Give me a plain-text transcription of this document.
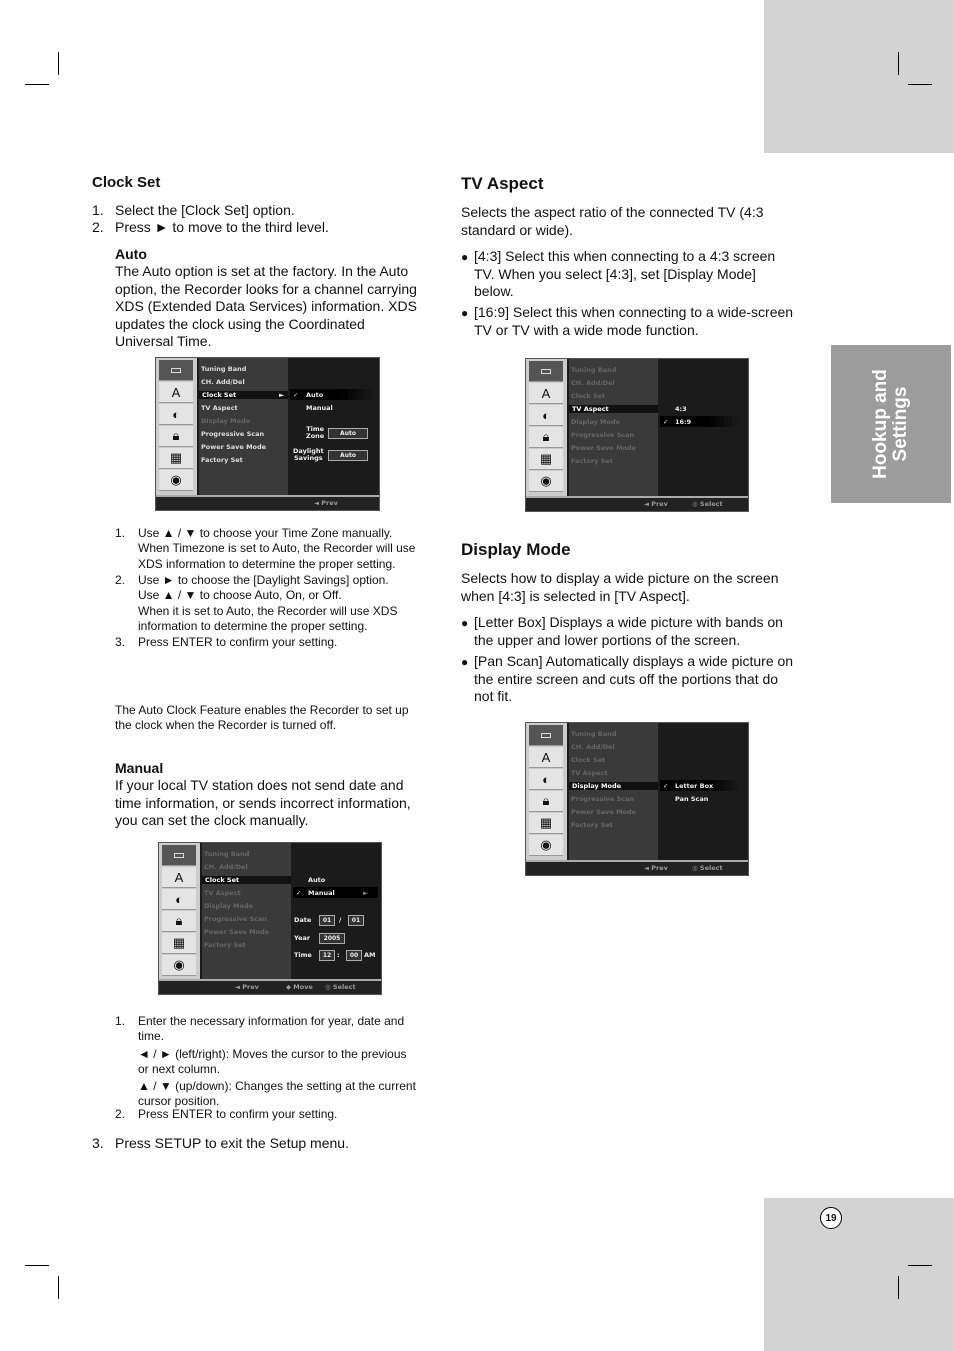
Hookup and
Settings
19
Clock Set
1. Select the [Clock Set] option.
2. Press ► to move to the third level.
Auto
The Auto option is set at the factory. In the Auto
option, the Recorder looks for a channel carrying
XDS (Extended Data Services) information. XDS
updates the clock using the Coordinated
Universal Time.
▭
A
◐
🔒︎
▦
◉
Tuning Band
CH. Add/Del
Clock Set	►
TV Aspect
Display Mode
Progressive Scan
Power Save Mode
Factory Set
✓ Auto
Manual
Time
Zone	Auto
Daylight
Savings	Auto
◄ Prev
1. Use ▲ / ▼ to choose your Time Zone manually.
When Timezone is set to Auto, the Recorder will use
XDS information to determine the proper setting.
2. Use ► to choose the [Daylight Savings] option.
Use ▲ / ▼ to choose Auto, On, or Off.
When it is set to Auto, the Recorder will use XDS
information to determine the proper setting.
3. Press ENTER to confirm your setting.
The Auto Clock Feature enables the Recorder to set up
the clock when the Recorder is turned off.
Manual
If your local TV station does not send date and
time information, or sends incorrect information,
you can set the clock manually.
▭
A
◐
🔒︎
▦
◉
Tuning Band
CH. Add/Del
Clock Set
TV Aspect
Display Mode
Progressive Scan
Power Save Mode
Factory Set
Auto
✓ Manual	►
Date	01	/	01
Year	2005
Time	12 :	00 AM
◄ Prev	◆ Move ◎ Select
1. Enter the necessary information for year, date and
time.
◄ / ► (left/right): Moves the cursor to the previous
or next column.
▲ / ▼ (up/down): Changes the setting at the current
cursor position.
2. Press ENTER to confirm your setting.
3. Press SETUP to exit the Setup menu.
TV Aspect
Selects the aspect ratio of the connected TV (4:3
standard or wide).
● [4:3] Select this when connecting to a 4:3 screen
TV. When you select [4:3], set [Display Mode]
below.
● [16:9] Select this when connecting to a wide-screen
TV or TV with a wide mode function.
▭
A
◐
🔒︎
▦
◉
Tuning Band
CH. Add/Del
Clock Set
TV Aspect
Display Mode
Progressive Scan
Power Save Mode
Factory Set
4:3
✓ 16:9
◄ Prev	◎ Select
Display Mode
Selects how to display a wide picture on the screen
when [4:3] is selected in [TV Aspect].
● [Letter Box] Displays a wide picture with bands on
the upper and lower portions of the screen.
● [Pan Scan] Automatically displays a wide picture on
the entire screen and cuts off the portions that do
not fit.
▭
A
◐
🔒︎
▦
◉
Tuning Band
CH. Add/Del
Clock Set
TV Aspect
Display Mode
Progressive Scan
Power Save Mode
Factory Set
✓ Letter Box
Pan Scan
◄ Prev	◎ Select
